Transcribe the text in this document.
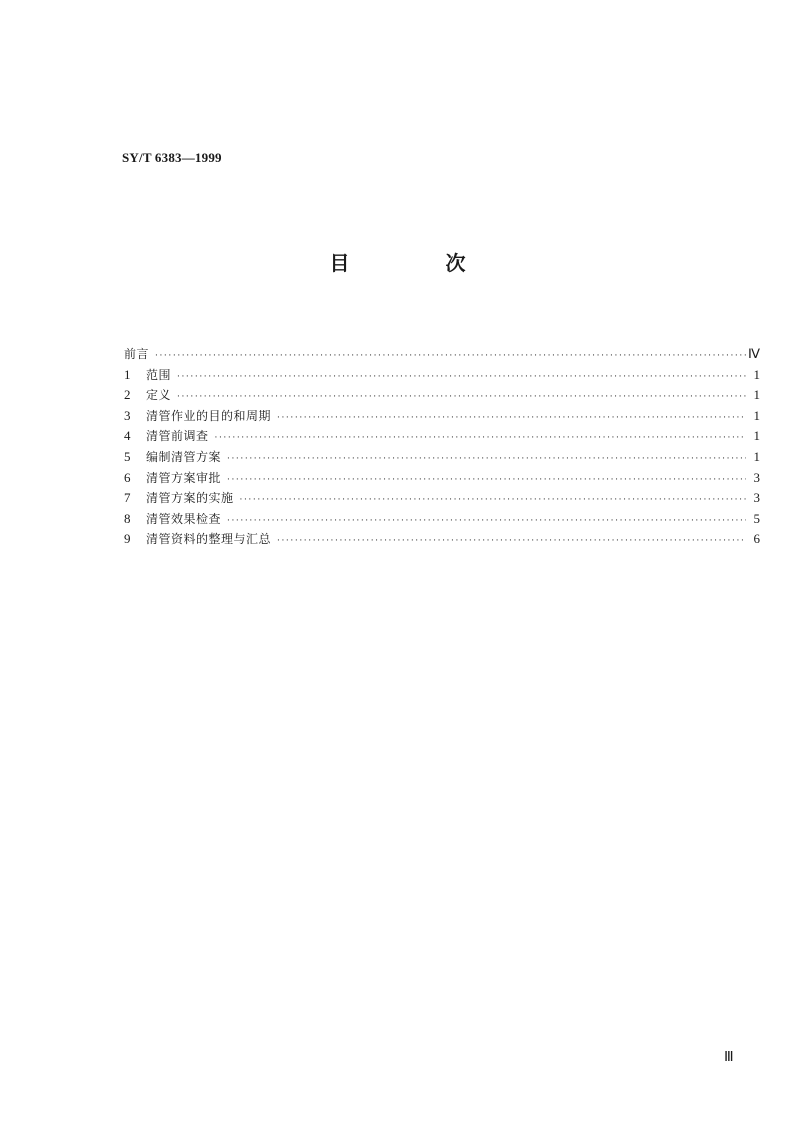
SY/T 6383—1999
目　次
前言 ·····	Ⅳ
1	范围 ·····	1
2	定义 ·····	1
3	清管作业的目的和周期 ·····	1
4	清管前调查 ·····	1
5	编制清管方案 ·····	1
6	清管方案审批 ·····	3
7	清管方案的实施 ·····	3
8	清管效果检查 ·····	5
9	清管资料的整理与汇总 ·····	6
Ⅲ
